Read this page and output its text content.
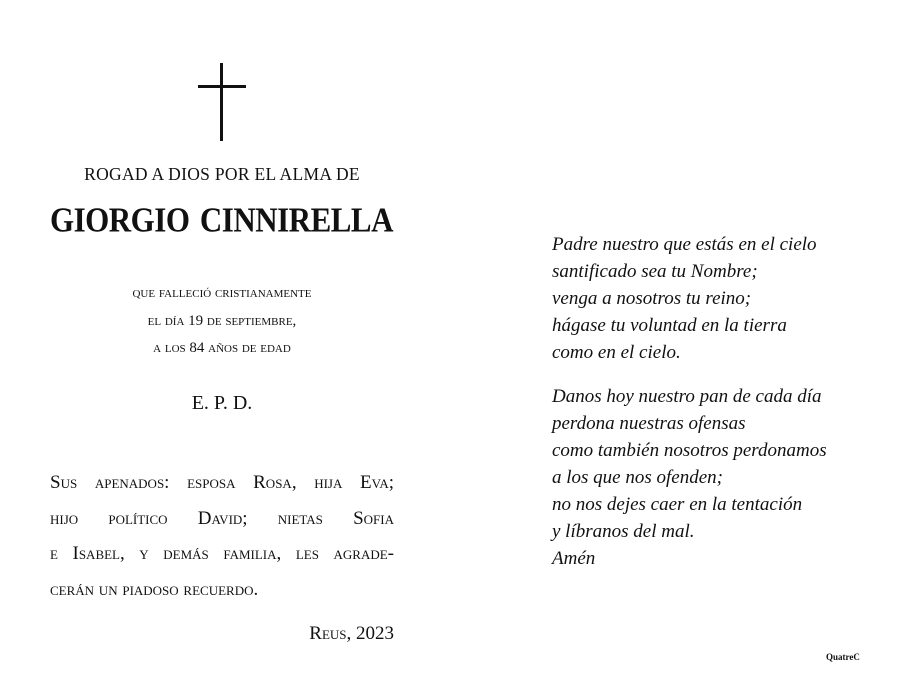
ROGAD A DIOS POR EL ALMA DE
GIORGIO CINNIRELLA
que falleció cristianamente
el día 19 de septiembre,
a los 84 años de edad
E. P. D.
Sus apenados: esposa Rosa, hija Eva;
hijo político David; nietas Sofia
e Isabel, y demás familia, les agrade-
cerán un piadoso recuerdo.
Reus, 2023
Padre nuestro que estás en el cielo
santificado sea tu Nombre;
venga a nosotros tu reino;
hágase tu voluntad en la tierra
como en el cielo.
Danos hoy nuestro pan de cada día
perdona nuestras ofensas
como también nosotros perdonamos
a los que nos ofenden;
no nos dejes caer en la tentación
y líbranos del mal.
Amén
QuatreC
